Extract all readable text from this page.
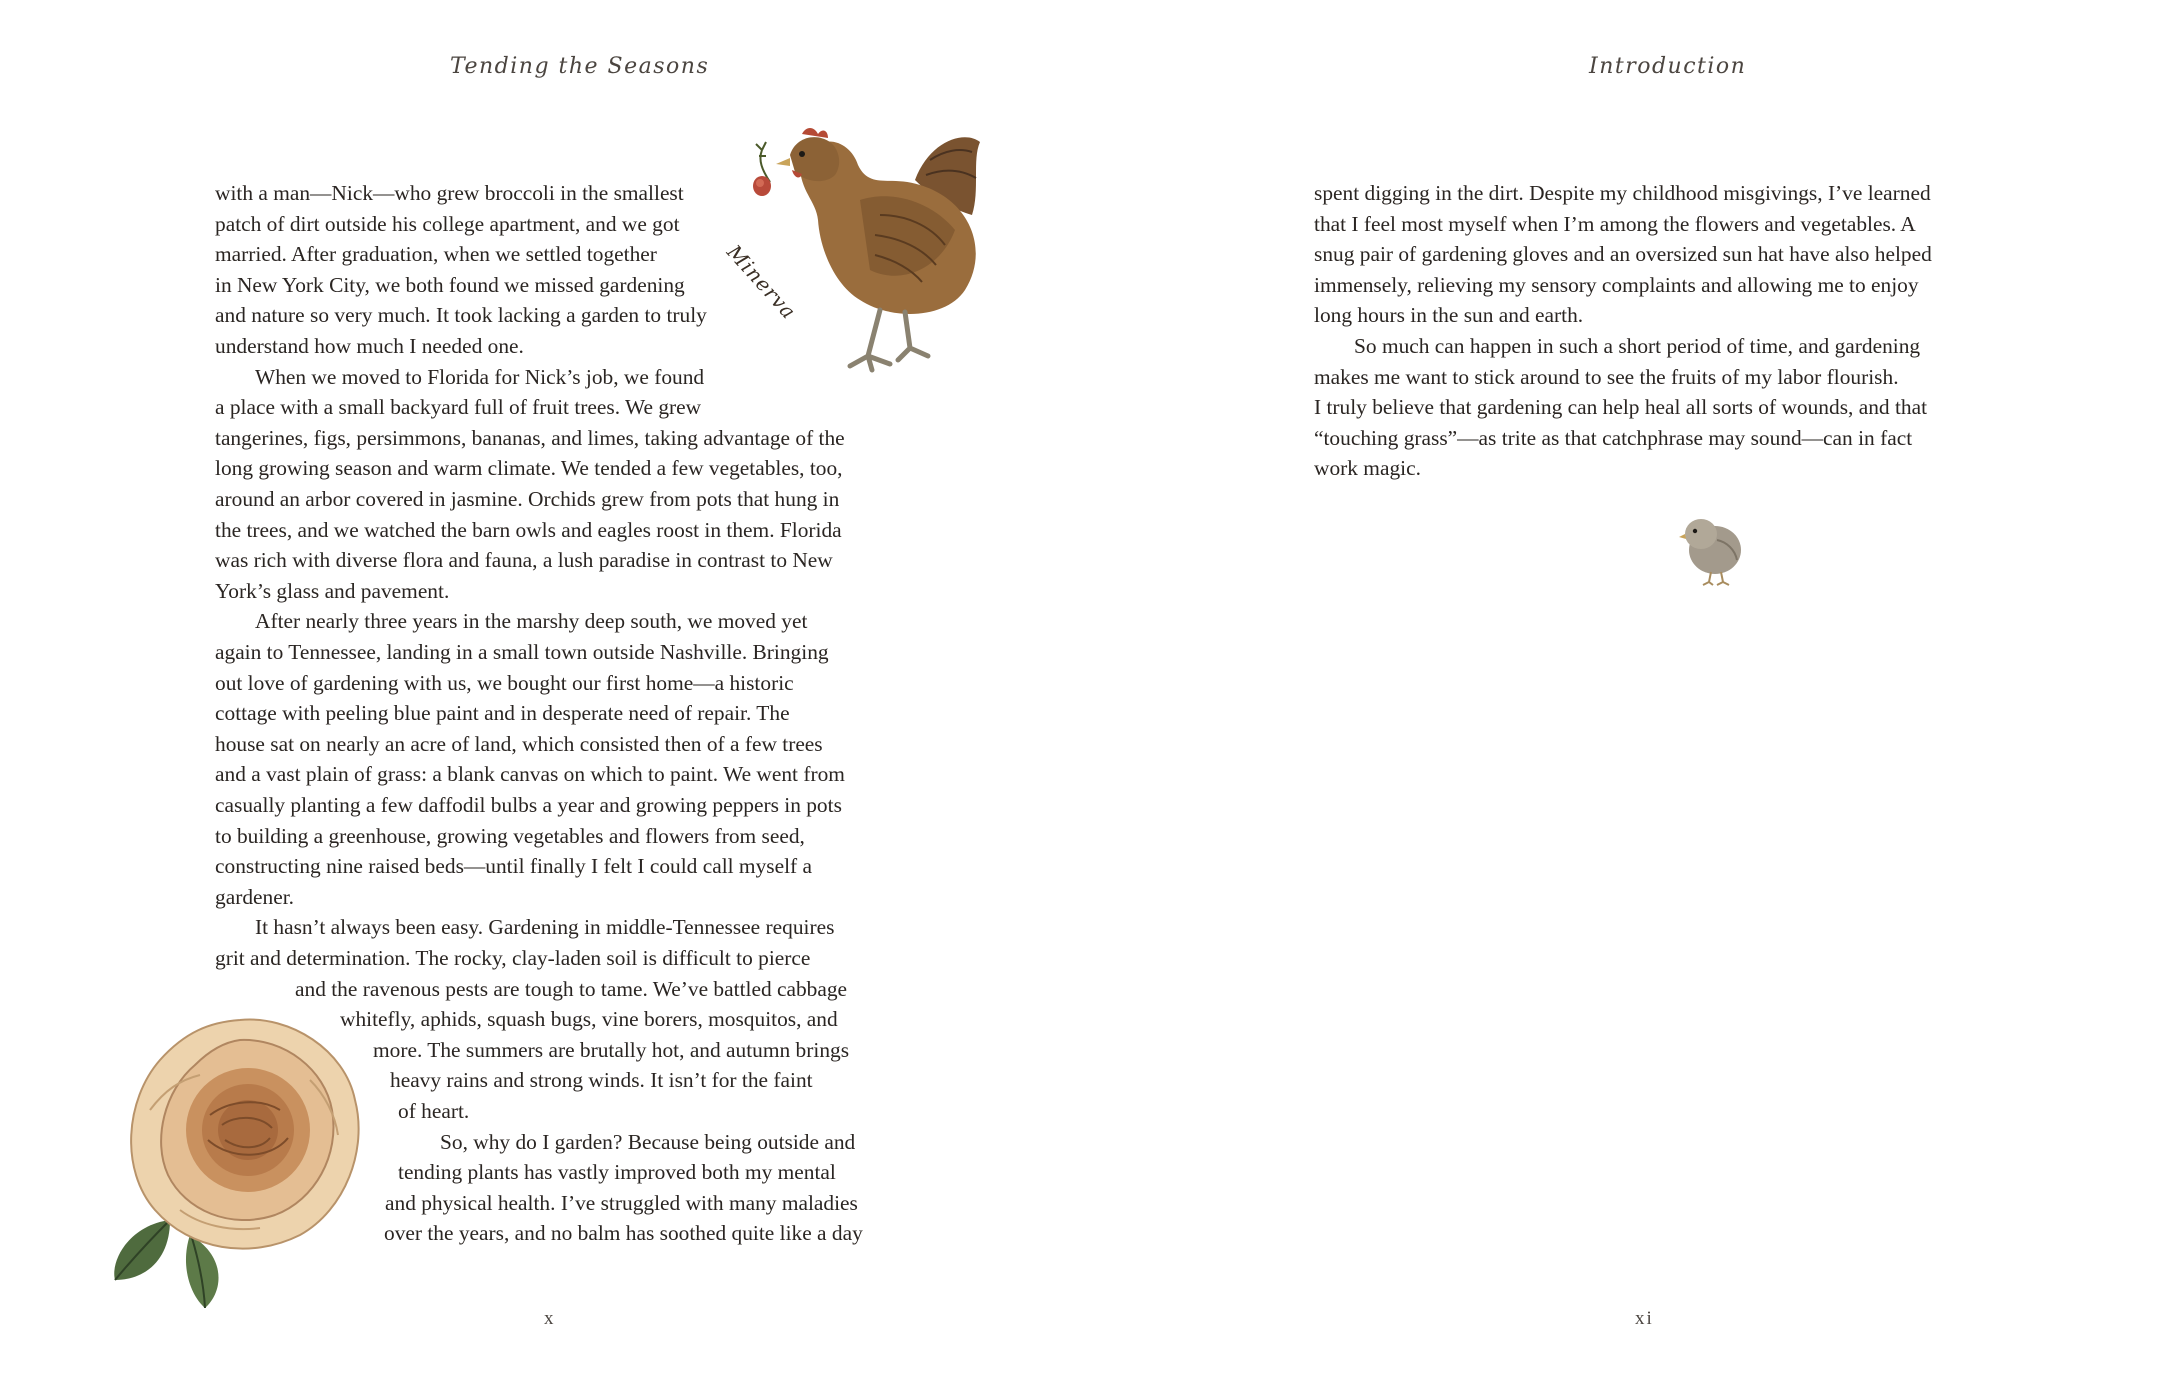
Tending the Seasons
Minerva
with a man—Nick—who grew broccoli in the smallest
patch of dirt outside his college apartment, and we got
married. After graduation, when we settled together
in New York City, we both found we missed gardening
and nature so very much. It took lacking a garden to truly
understand how much I needed one.
When we moved to Florida for Nick’s job, we found
a place with a small backyard full of fruit trees. We grew
tangerines, figs, persimmons, bananas, and limes, taking advantage of the
long growing season and warm climate. We tended a few vegetables, too,
around an arbor covered in jasmine. Orchids grew from pots that hung in
the trees, and we watched the barn owls and eagles roost in them. Florida
was rich with diverse flora and fauna, a lush paradise in contrast to New
York’s glass and pavement.
After nearly three years in the marshy deep south, we moved yet
again to Tennessee, landing in a small town outside Nashville. Bringing
out love of gardening with us, we bought our first home—a historic
cottage with peeling blue paint and in desperate need of repair. The
house sat on nearly an acre of land, which consisted then of a few trees
and a vast plain of grass: a blank canvas on which to paint. We went from
casually planting a few daffodil bulbs a year and growing peppers in pots
to building a greenhouse, growing vegetables and flowers from seed,
constructing nine raised beds—until finally I felt I could call myself a
gardener.
It hasn’t always been easy. Gardening in middle-Tennessee requires
grit and determination. The rocky, clay-laden soil is difficult to pierce
and the ravenous pests are tough to tame. We’ve battled cabbage
whitefly, aphids, squash bugs, vine borers, mosquitos, and
more. The summers are brutally hot, and autumn brings
heavy rains and strong winds. It isn’t for the faint
of heart.
So, why do I garden? Because being outside and
tending plants has vastly improved both my mental
and physical health. I’ve struggled with many maladies
over the years, and no balm has soothed quite like a day
x
Introduction
spent digging in the dirt. Despite my childhood misgivings, I’ve learned
that I feel most myself when I’m among the flowers and vegetables. A
snug pair of gardening gloves and an oversized sun hat have also helped
immensely, relieving my sensory complaints and allowing me to enjoy
long hours in the sun and earth.
So much can happen in such a short period of time, and gardening
makes me want to stick around to see the fruits of my labor flourish.
I truly believe that gardening can help heal all sorts of wounds, and that
“touching grass”—as trite as that catchphrase may sound—can in fact
work magic.
xi
